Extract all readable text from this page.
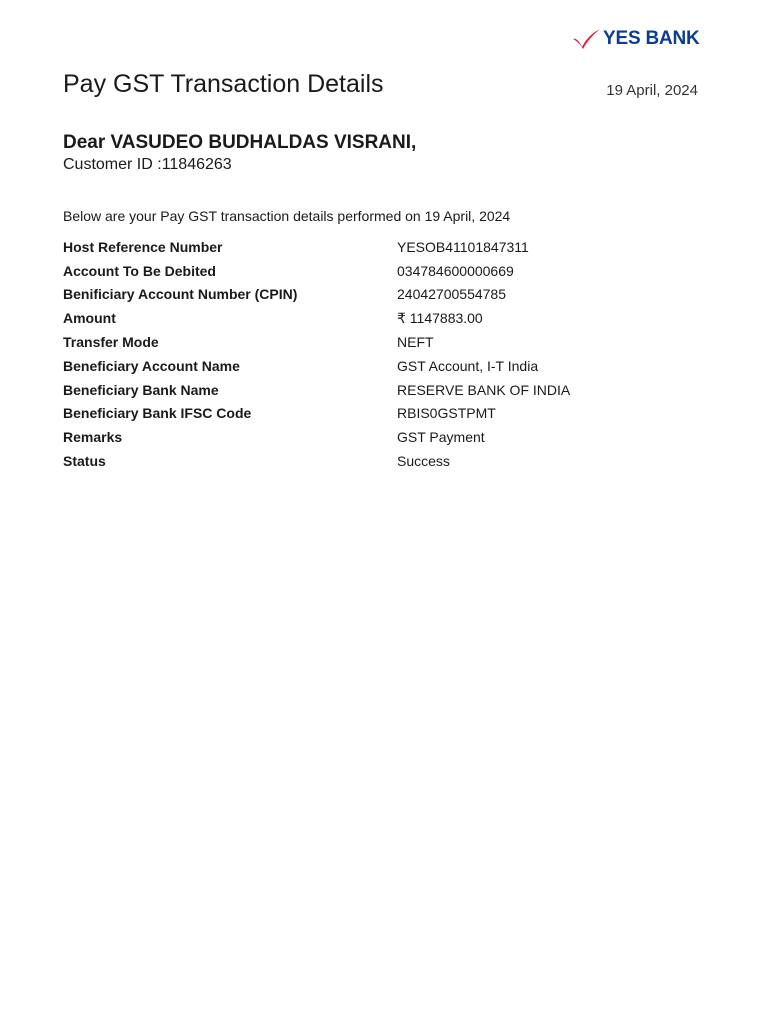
YES BANK
Pay GST Transaction Details	19 April, 2024
Dear VASUDEO BUDHALDAS VISRANI,
Customer ID :11846263
Below are your Pay GST transaction details performed on 19 April, 2024
Host Reference Number	YESOB41101847311
Account To Be Debited	034784600000669
Benificiary Account Number (CPIN)	24042700554785
Amount	₹ 1147883.00
Transfer Mode	NEFT
Beneficiary Account Name	GST Account, I-T India
Beneficiary Bank Name	RESERVE BANK OF INDIA
Beneficiary Bank IFSC Code	RBIS0GSTPMT
Remarks	GST Payment
Status	Success
